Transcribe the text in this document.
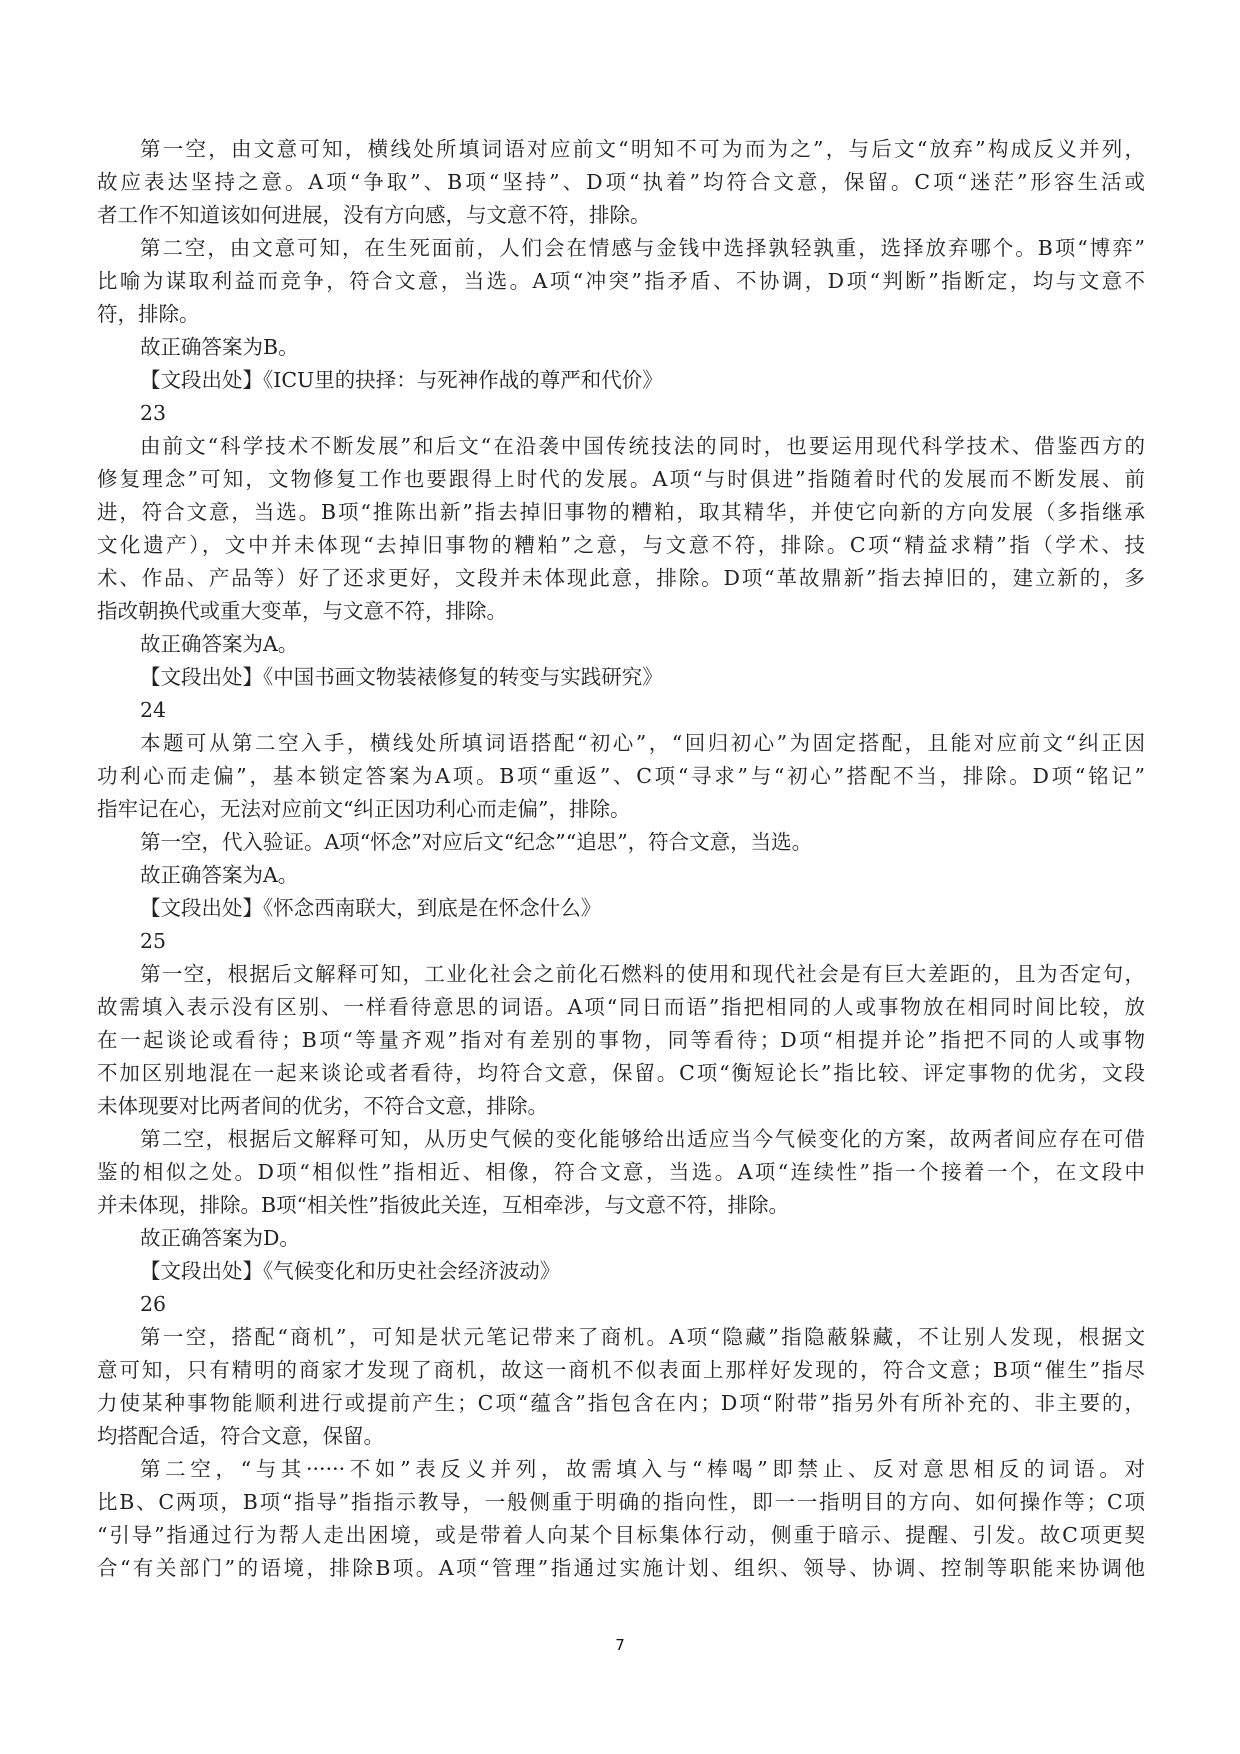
第一空，由文意可知，横线处所填词语对应前文“明知不可为而为之”，与后文“放弃”构成反义并列，
故应表达坚持之意。A项“争取”、B项“坚持”、D项“执着”均符合文意，保留。C项“迷茫”形容生活或
者工作不知道该如何进展，没有方向感，与文意不符，排除。
第二空，由文意可知，在生死面前，人们会在情感与金钱中选择孰轻孰重，选择放弃哪个。B项“博弈”
比喻为谋取利益而竞争，符合文意，当选。A项“冲突”指矛盾、不协调，D项“判断”指断定，均与文意不
符，排除。
故正确答案为B。
【文段出处】《ICU里的抉择：与死神作战的尊严和代价》
23
由前文“科学技术不断发展”和后文“在沿袭中国传统技法的同时，也要运用现代科学技术、借鉴西方的
修复理念”可知，文物修复工作也要跟得上时代的发展。A项“与时俱进”指随着时代的发展而不断发展、前
进，符合文意，当选。B项“推陈出新”指去掉旧事物的糟粕，取其精华，并使它向新的方向发展（多指继承
文化遗产），文中并未体现“去掉旧事物的糟粕”之意，与文意不符，排除。C项“精益求精”指（学术、技
术、作品、产品等）好了还求更好，文段并未体现此意，排除。D项“革故鼎新”指去掉旧的，建立新的，多
指改朝换代或重大变革，与文意不符，排除。
故正确答案为A。
【文段出处】《中国书画文物装裱修复的转变与实践研究》
24
本题可从第二空入手，横线处所填词语搭配“初心”，“回归初心”为固定搭配，且能对应前文“纠正因
功利心而走偏”，基本锁定答案为A项。B项“重返”、C项“寻求”与“初心”搭配不当，排除。D项“铭记”
指牢记在心，无法对应前文“纠正因功利心而走偏”，排除。
第一空，代入验证。A项“怀念”对应后文“纪念”“追思”，符合文意，当选。
故正确答案为A。
【文段出处】《怀念西南联大，到底是在怀念什么》
25
第一空，根据后文解释可知，工业化社会之前化石燃料的使用和现代社会是有巨大差距的，且为否定句，
故需填入表示没有区别、一样看待意思的词语。A项“同日而语”指把相同的人或事物放在相同时间比较，放
在一起谈论或看待；B项“等量齐观”指对有差别的事物，同等看待；D项“相提并论”指把不同的人或事物
不加区别地混在一起来谈论或者看待，均符合文意，保留。C项“衡短论长”指比较、评定事物的优劣，文段
未体现要对比两者间的优劣，不符合文意，排除。
第二空，根据后文解释可知，从历史气候的变化能够给出适应当今气候变化的方案，故两者间应存在可借
鉴的相似之处。D项“相似性”指相近、相像，符合文意，当选。A项“连续性”指一个接着一个，在文段中
并未体现，排除。B项“相关性”指彼此关连，互相牵涉，与文意不符，排除。
故正确答案为D。
【文段出处】《气候变化和历史社会经济波动》
26
第一空，搭配“商机”，可知是状元笔记带来了商机。A项“隐藏”指隐蔽躲藏，不让别人发现，根据文
意可知，只有精明的商家才发现了商机，故这一商机不似表面上那样好发现的，符合文意；B项“催生”指尽
力使某种事物能顺利进行或提前产生；C项“蕴含”指包含在内；D项“附带”指另外有所补充的、非主要的，
均搭配合适，符合文意，保留。
第二空，“与其······不如”表反义并列，故需填入与“棒喝”即禁止、反对意思相反的词语。对
比B、C两项，B项“指导”指指示教导，一般侧重于明确的指向性，即一一指明目的方向、如何操作等；C项
“引导”指通过行为帮人走出困境，或是带着人向某个目标集体行动，侧重于暗示、提醒、引发。故C项更契
合“有关部门”的语境，排除B项。A项“管理”指通过实施计划、组织、领导、协调、控制等职能来协调他
7
